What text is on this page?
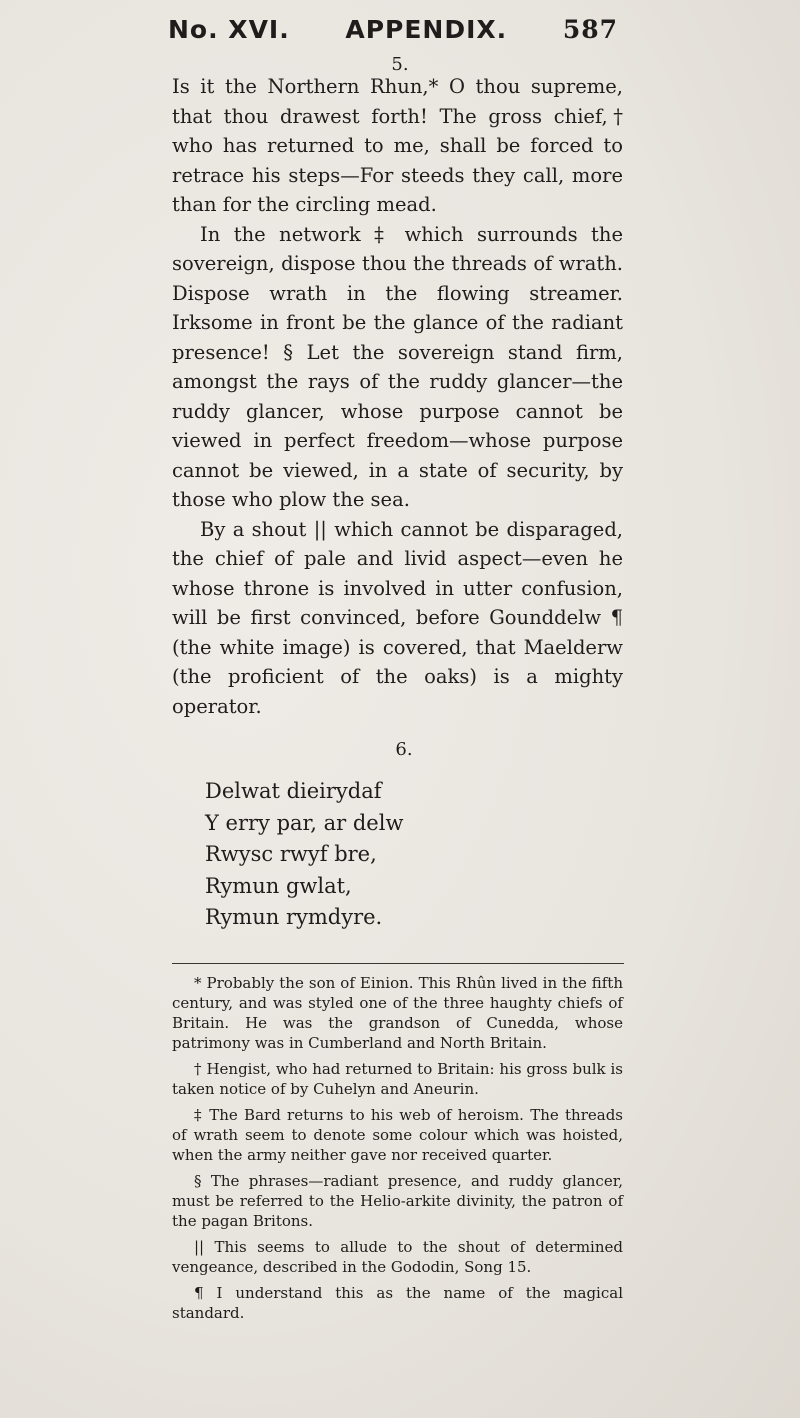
No. XVI. APPENDIX. 587
5.

Is it the Northern Rhun,* O thou supreme, that thou drawest forth! The gross chief,† who has returned to me, shall be forced to retrace his steps—For steeds they call, more than for the circling mead.

In the network ‡ which surrounds the sovereign, dispose thou the threads of wrath. Dispose wrath in the flowing streamer. Irksome in front be the glance of the radiant presence! § Let the sovereign stand firm, amongst the rays of the ruddy glancer—the ruddy glancer, whose purpose cannot be viewed in perfect freedom—whose purpose cannot be viewed, in a state of security, by those who plow the sea.

By a shout || which cannot be disparaged, the chief of pale and livid aspect—even he whose throne is involved in utter confusion, will be first convinced, before Gounddelw ¶ (the white image) is covered, that Maelderw (the proficient of the oaks) is a mighty operator.

6.
Delwat dieirydaf
Y erry par, ar delw
Rwysc rwyf bre,
Rymun gwlat,
Rymun rymdyre.

* Probably the son of Einion. This Rhûn lived in the fifth century, and was styled one of the three haughty chiefs of Britain. He was the grandson of Cunedda, whose patrimony was in Cumberland and North Britain.

† Hengist, who had returned to Britain: his gross bulk is taken notice of by Cuhelyn and Aneurin.

‡ The Bard returns to his web of heroism. The threads of wrath seem to denote some colour which was hoisted, when the army neither gave nor received quarter.

§ The phrases—radiant presence, and ruddy glancer, must be referred to the Helio-arkite divinity, the patron of the pagan Britons.

|| This seems to allude to the shout of determined vengeance, described in the Gododin, Song 15.

¶ I understand this as the name of the magical standard.
